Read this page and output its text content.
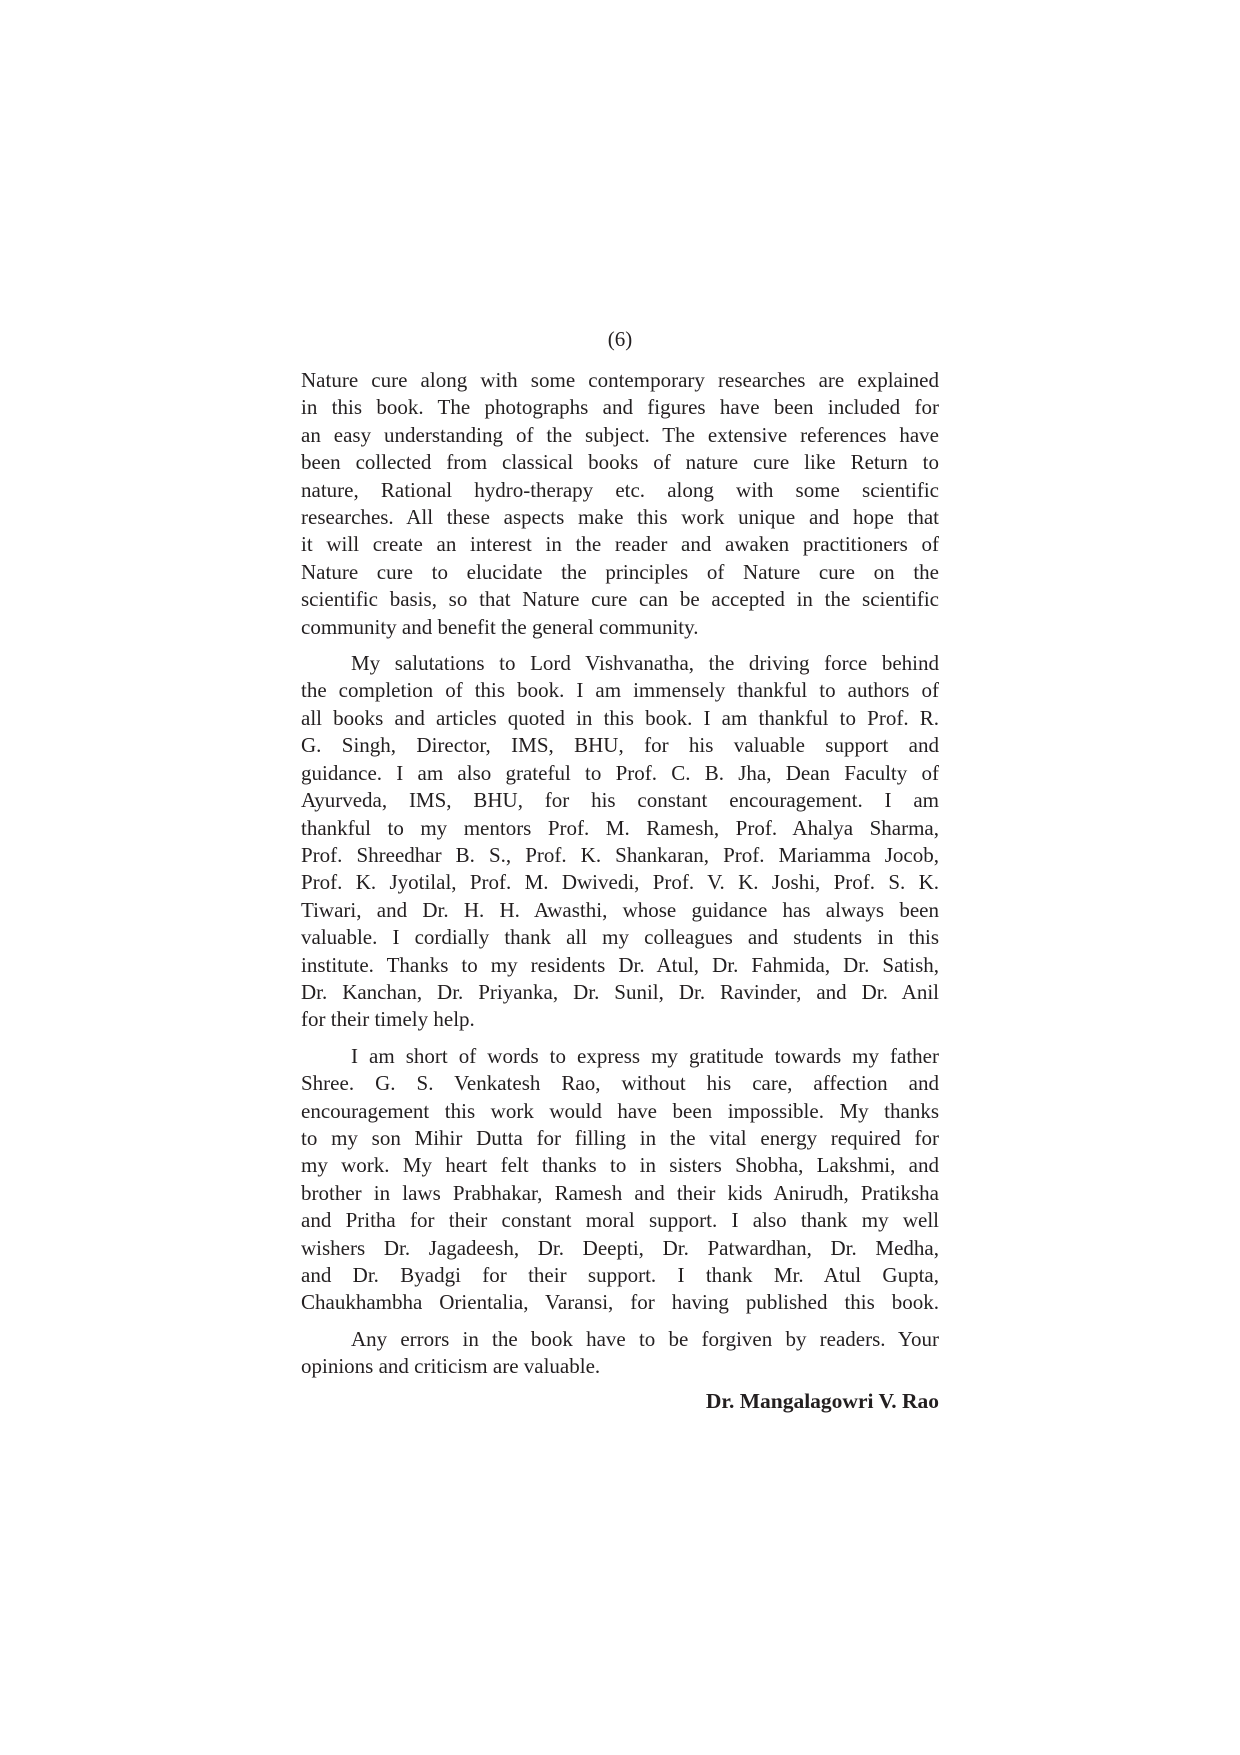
(6)

Nature cure along with some contemporary researches are explained
in this book. The photographs and figures have been included for
an easy understanding of the subject. The extensive references have
been collected from classical books of nature cure like Return to
nature, Rational hydro-therapy etc. along with some scientific
researches. All these aspects make this work unique and hope that
it will create an interest in the reader and awaken practitioners of
Nature cure to elucidate the principles of Nature cure on the
scientific basis, so that Nature cure can be accepted in the scientific
community and benefit the general community.

My salutations to Lord Vishvanatha, the driving force behind
the completion of this book. I am immensely thankful to authors of
all books and articles quoted in this book. I am thankful to Prof. R.
G. Singh, Director, IMS, BHU, for his valuable support and
guidance. I am also grateful to Prof. C. B. Jha, Dean Faculty of
Ayurveda, IMS, BHU, for his constant encouragement. I am
thankful to my mentors Prof. M. Ramesh, Prof. Ahalya Sharma,
Prof. Shreedhar B. S., Prof. K. Shankaran, Prof. Mariamma Jocob,
Prof. K. Jyotilal, Prof. M. Dwivedi, Prof. V. K. Joshi, Prof. S. K.
Tiwari, and Dr. H. H. Awasthi, whose guidance has always been
valuable. I cordially thank all my colleagues and students in this
institute. Thanks to my residents Dr. Atul, Dr. Fahmida, Dr. Satish,
Dr. Kanchan, Dr. Priyanka, Dr. Sunil, Dr. Ravinder, and Dr. Anil
for their timely help.

I am short of words to express my gratitude towards my father
Shree. G. S. Venkatesh Rao, without his care, affection and
encouragement this work would have been impossible. My thanks
to my son Mihir Dutta for filling in the vital energy required for
my work. My heart felt thanks to in sisters Shobha, Lakshmi, and
brother in laws Prabhakar, Ramesh and their kids Anirudh, Pratiksha
and Pritha for their constant moral support. I also thank my well
wishers Dr. Jagadeesh, Dr. Deepti, Dr. Patwardhan, Dr. Medha,
and Dr. Byadgi for their support. I thank Mr. Atul Gupta,
Chaukhambha Orientalia, Varansi, for having published this book.

Any errors in the book have to be forgiven by readers. Your
opinions and criticism are valuable.

Dr. Mangalagowri V. Rao
